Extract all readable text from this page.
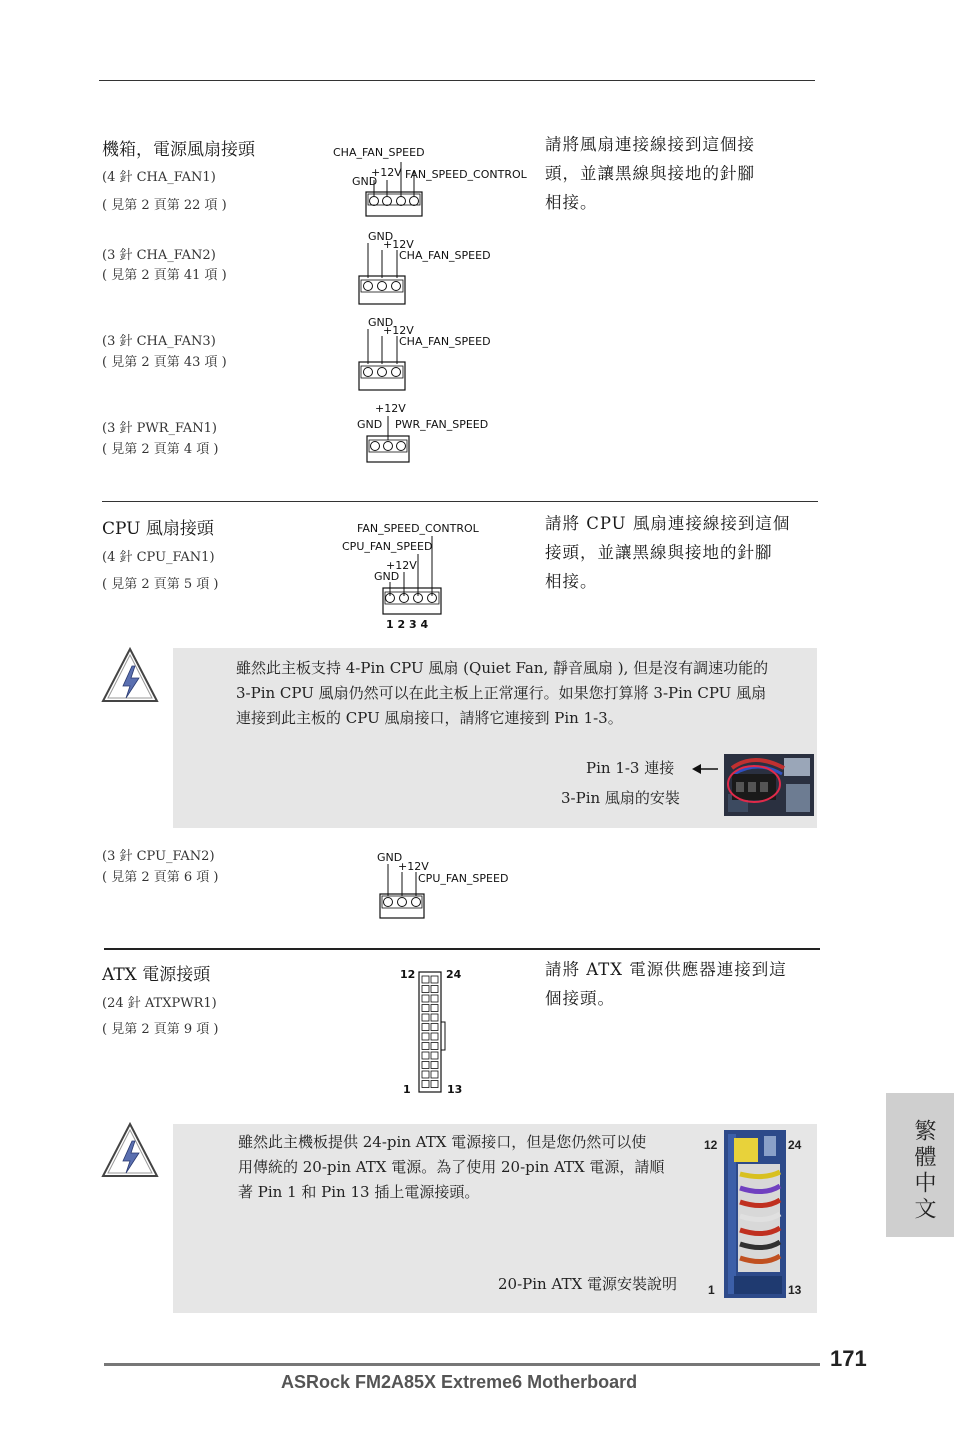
機箱，電源風扇接頭
(4 針 CHA_FAN1)
( 見第 2 頁第 22 項 )
請將風扇連接線接到這個接
頭，並讓黑線與接地的針腳
相接。
CHA_FAN_SPEED
+12V
GND
FAN_SPEED_CONTROL
(3 針 CHA_FAN2)
( 見第 2 頁第 41 項 )
GND
+12V
CHA_FAN_SPEED
(3 針 CHA_FAN3)
( 見第 2 頁第 43 項 )
GND
+12V
CHA_FAN_SPEED
(3 針 PWR_FAN1)
( 見第 2 頁第 4 項 )
+12V
GND PWR_FAN_SPEED
CPU 風扇接頭
(4 針 CPU_FAN1)
( 見第 2 頁第 5 項 )
請將 CPU 風扇連接線接到這個
接頭，並讓黑線與接地的針腳
相接。
FAN_SPEED_CONTROL
CPU_FAN_SPEED
+12V
GND
1 2 3 4
雖然此主板支持 4-Pin CPU 風扇 (Quiet Fan, 靜音風扇 ), 但是沒有調速功能的
3-Pin CPU 風扇仍然可以在此主板上正常運行。如果您打算將 3-Pin CPU 風扇
連接到此主板的 CPU 風扇接口，請將它連接到 Pin 1-3。
Pin 1-3 連接
3-Pin 風扇的安裝
(3 針 CPU_FAN2)
( 見第 2 頁第 6 項 )
GND
+12V
CPU_FAN_SPEED
ATX 電源接頭
(24 針 ATXPWR1)
( 見第 2 頁第 9 項 )
請將 ATX 電源供應器連接到這
個接頭。
12	24
1	13
雖然此主機板提供 24-pin ATX 電源接口，但是您仍然可以使
用傳統的 20-pin ATX 電源。為了使用 20-pin ATX 電源，請順
著 Pin 1 和 Pin 13 插上電源接頭。
20-Pin ATX 電源安裝說明
12	24
1	13
繁體中文
171
ASRock FM2A85X Extreme6 Motherboard
